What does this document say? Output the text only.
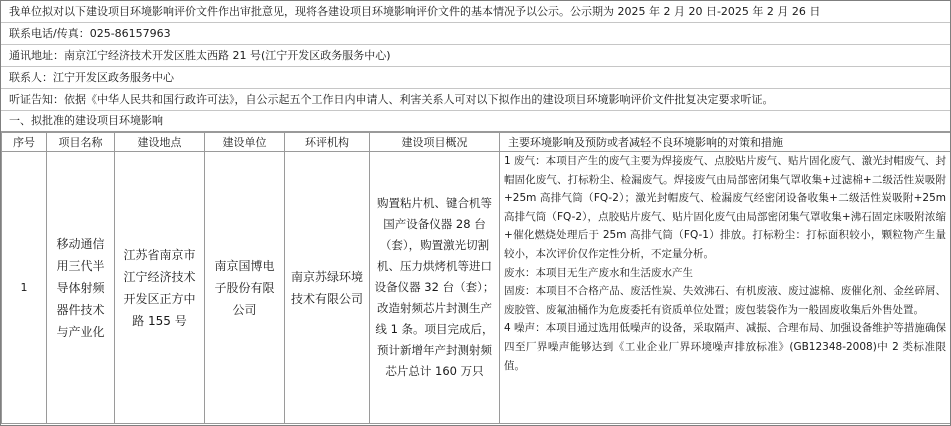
我单位拟对以下建设项目环境影响评价文件作出审批意见，现将各建设项目环境影响评价文件的基本情况予以公示。公示期为 2025 年 2 月 20 日-2025 年 2 月 26 日
联系电话/传真：025-86157963
通讯地址：南京江宁经济技术开发区胜太西路 21 号(江宁开发区政务服务中心)
联系人：江宁开发区政务服务中心
听证告知：依据《中华人民共和国行政许可法》，自公示起五个工作日内申请人、利害关系人可对以下拟作出的建设项目环境影响评价文件批复决定要求听证。
一、拟批准的建设项目环境影响
序号	项目名称	建设地点	建设单位	环评机构	建设项目概况	主要环境影响及预防或者减轻不良环境影响的对策和措施
1	移动通信用三代半导体射频器件技术与产业化	江苏省南京市江宁经济技术开发区正方中路 155 号	南京国博电子股份有限公司	南京苏绿环境技术有限公司	购置粘片机、键合机等国产设备仪器 28 台（套），购置激光切割机、压力烘烤机等进口设备仪器 32 台（套）；改造射频芯片封测生产线 1 条。项目完成后，预计新增年产封测射频芯片总计 160 万只	1 废气：本项目产生的废气主要为焊接废气、点胶贴片废气、贴片固化废气、激光封帽废气、封帽固化废气、打标粉尘、检漏废气。焊接废气由局部密闭集气罩收集+过滤棉+二级活性炭吸附+25m 高排气筒（FQ-2）；激光封帽废气、检漏废气经密闭设备收集+二级活性炭吸附+25m 高排气筒（FQ-2），点胶贴片废气、贴片固化废气由局部密闭集气罩收集+沸石固定床吸附浓缩+催化燃烧处理后于 25m 高排气筒（FQ-1）排放。打标粉尘：打标面积较小，颗粒物产生量较小，本次评价仅作定性分析，不定量分析。

废水：本项目无生产废水和生活废水产生

固废：本项目不合格产品、废活性炭、失效沸石、有机废液、废过滤棉、废催化剂、金丝碎屑、废胶管、废氟油桶作为危废委托有资质单位处置；废包装袋作为一般固废收集后外售处置。

4 噪声：本项目通过选用低噪声的设备，采取隔声、减振、合理布局、加强设备维护等措施确保四至厂界噪声能够达到《工业企业厂界环境噪声排放标准》(GB12348-2008)中 2 类标准限值。
